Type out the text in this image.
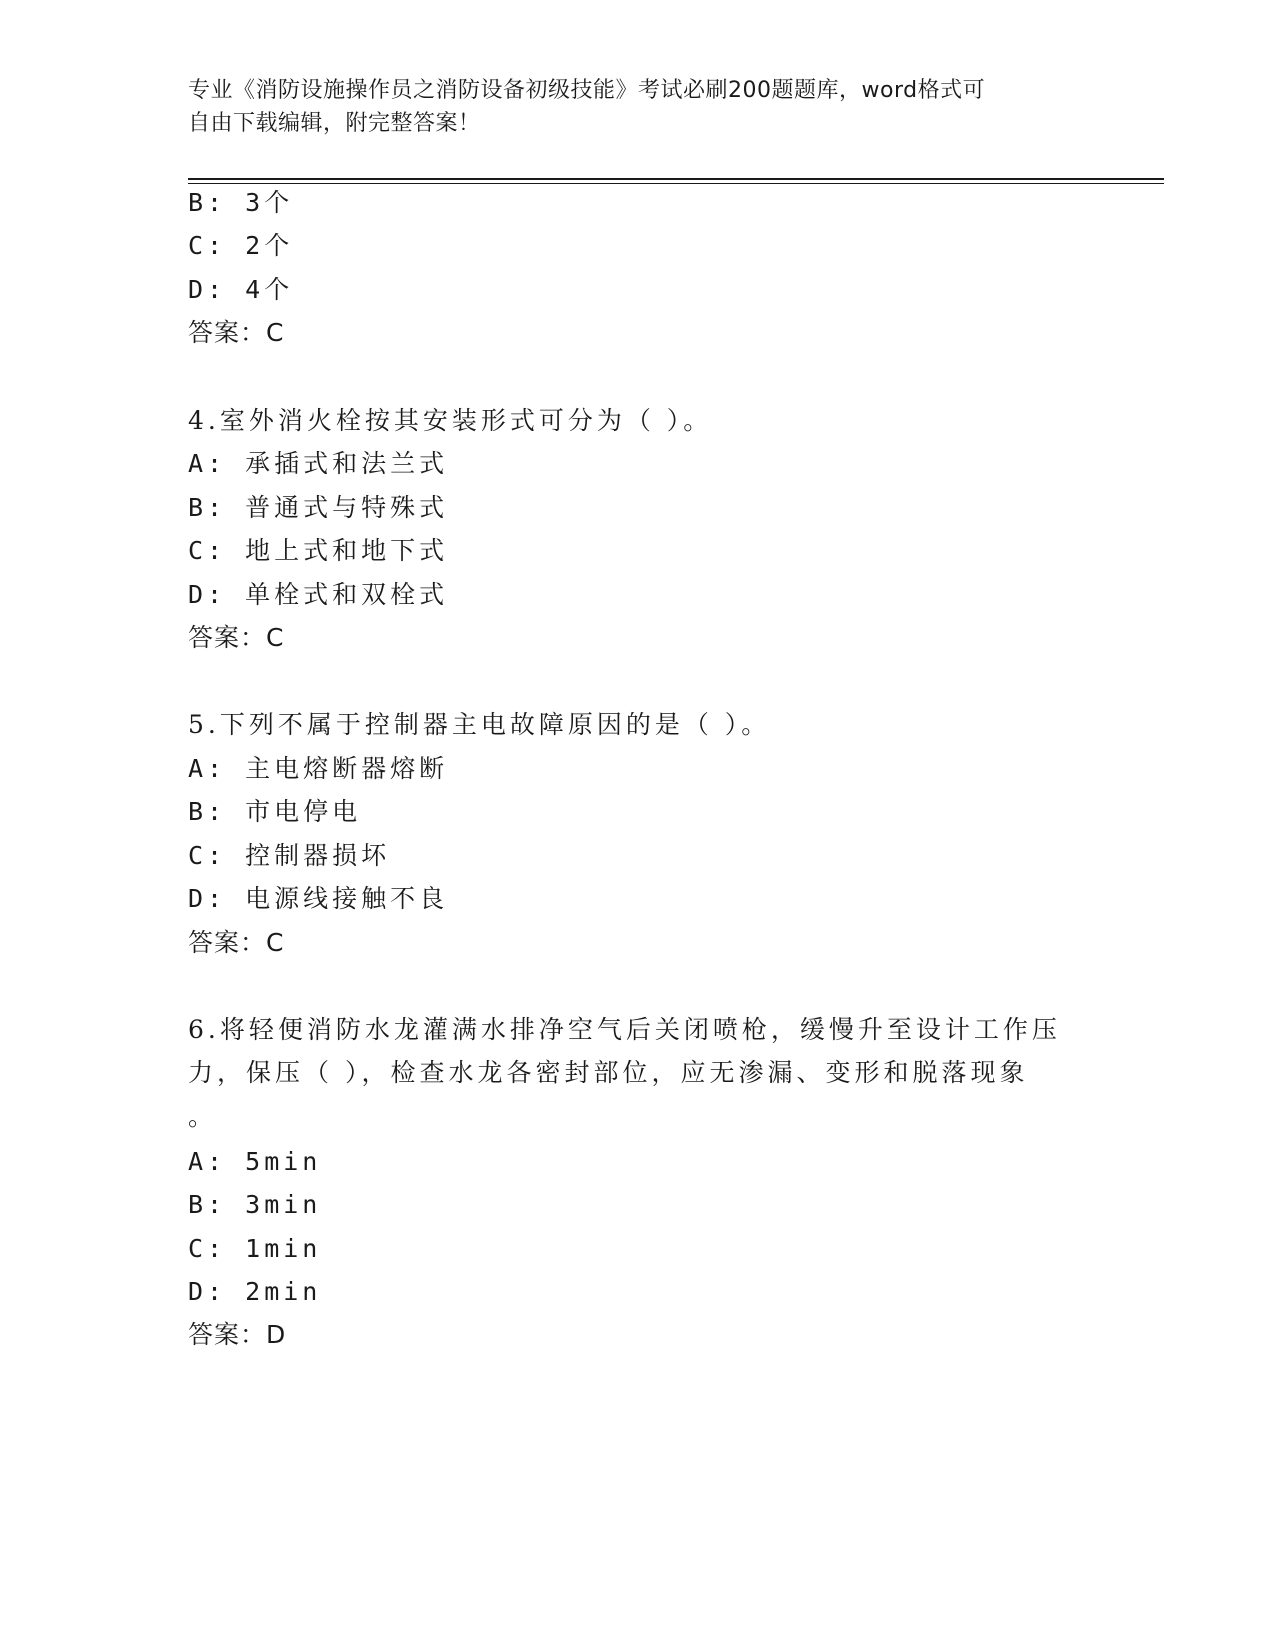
专业《消防设施操作员之消防设备初级技能》考试必刷200题题库，word格式可
自由下载编辑，附完整答案！
B: 3个
C: 2个
D: 4个
答案：C
4.室外消火栓按其安装形式可分为（ ）。
A: 承插式和法兰式
B: 普通式与特殊式
C: 地上式和地下式
D: 单栓式和双栓式
答案：C
5.下列不属于控制器主电故障原因的是（ ）。
A: 主电熔断器熔断
B: 市电停电
C: 控制器损坏
D: 电源线接触不良
答案：C
6.将轻便消防水龙灌满水排净空气后关闭喷枪，缓慢升至设计工作压
力，保压（ ），检查水龙各密封部位，应无渗漏、变形和脱落现象
。
A: 5min
B: 3min
C: 1min
D: 2min
答案：D
